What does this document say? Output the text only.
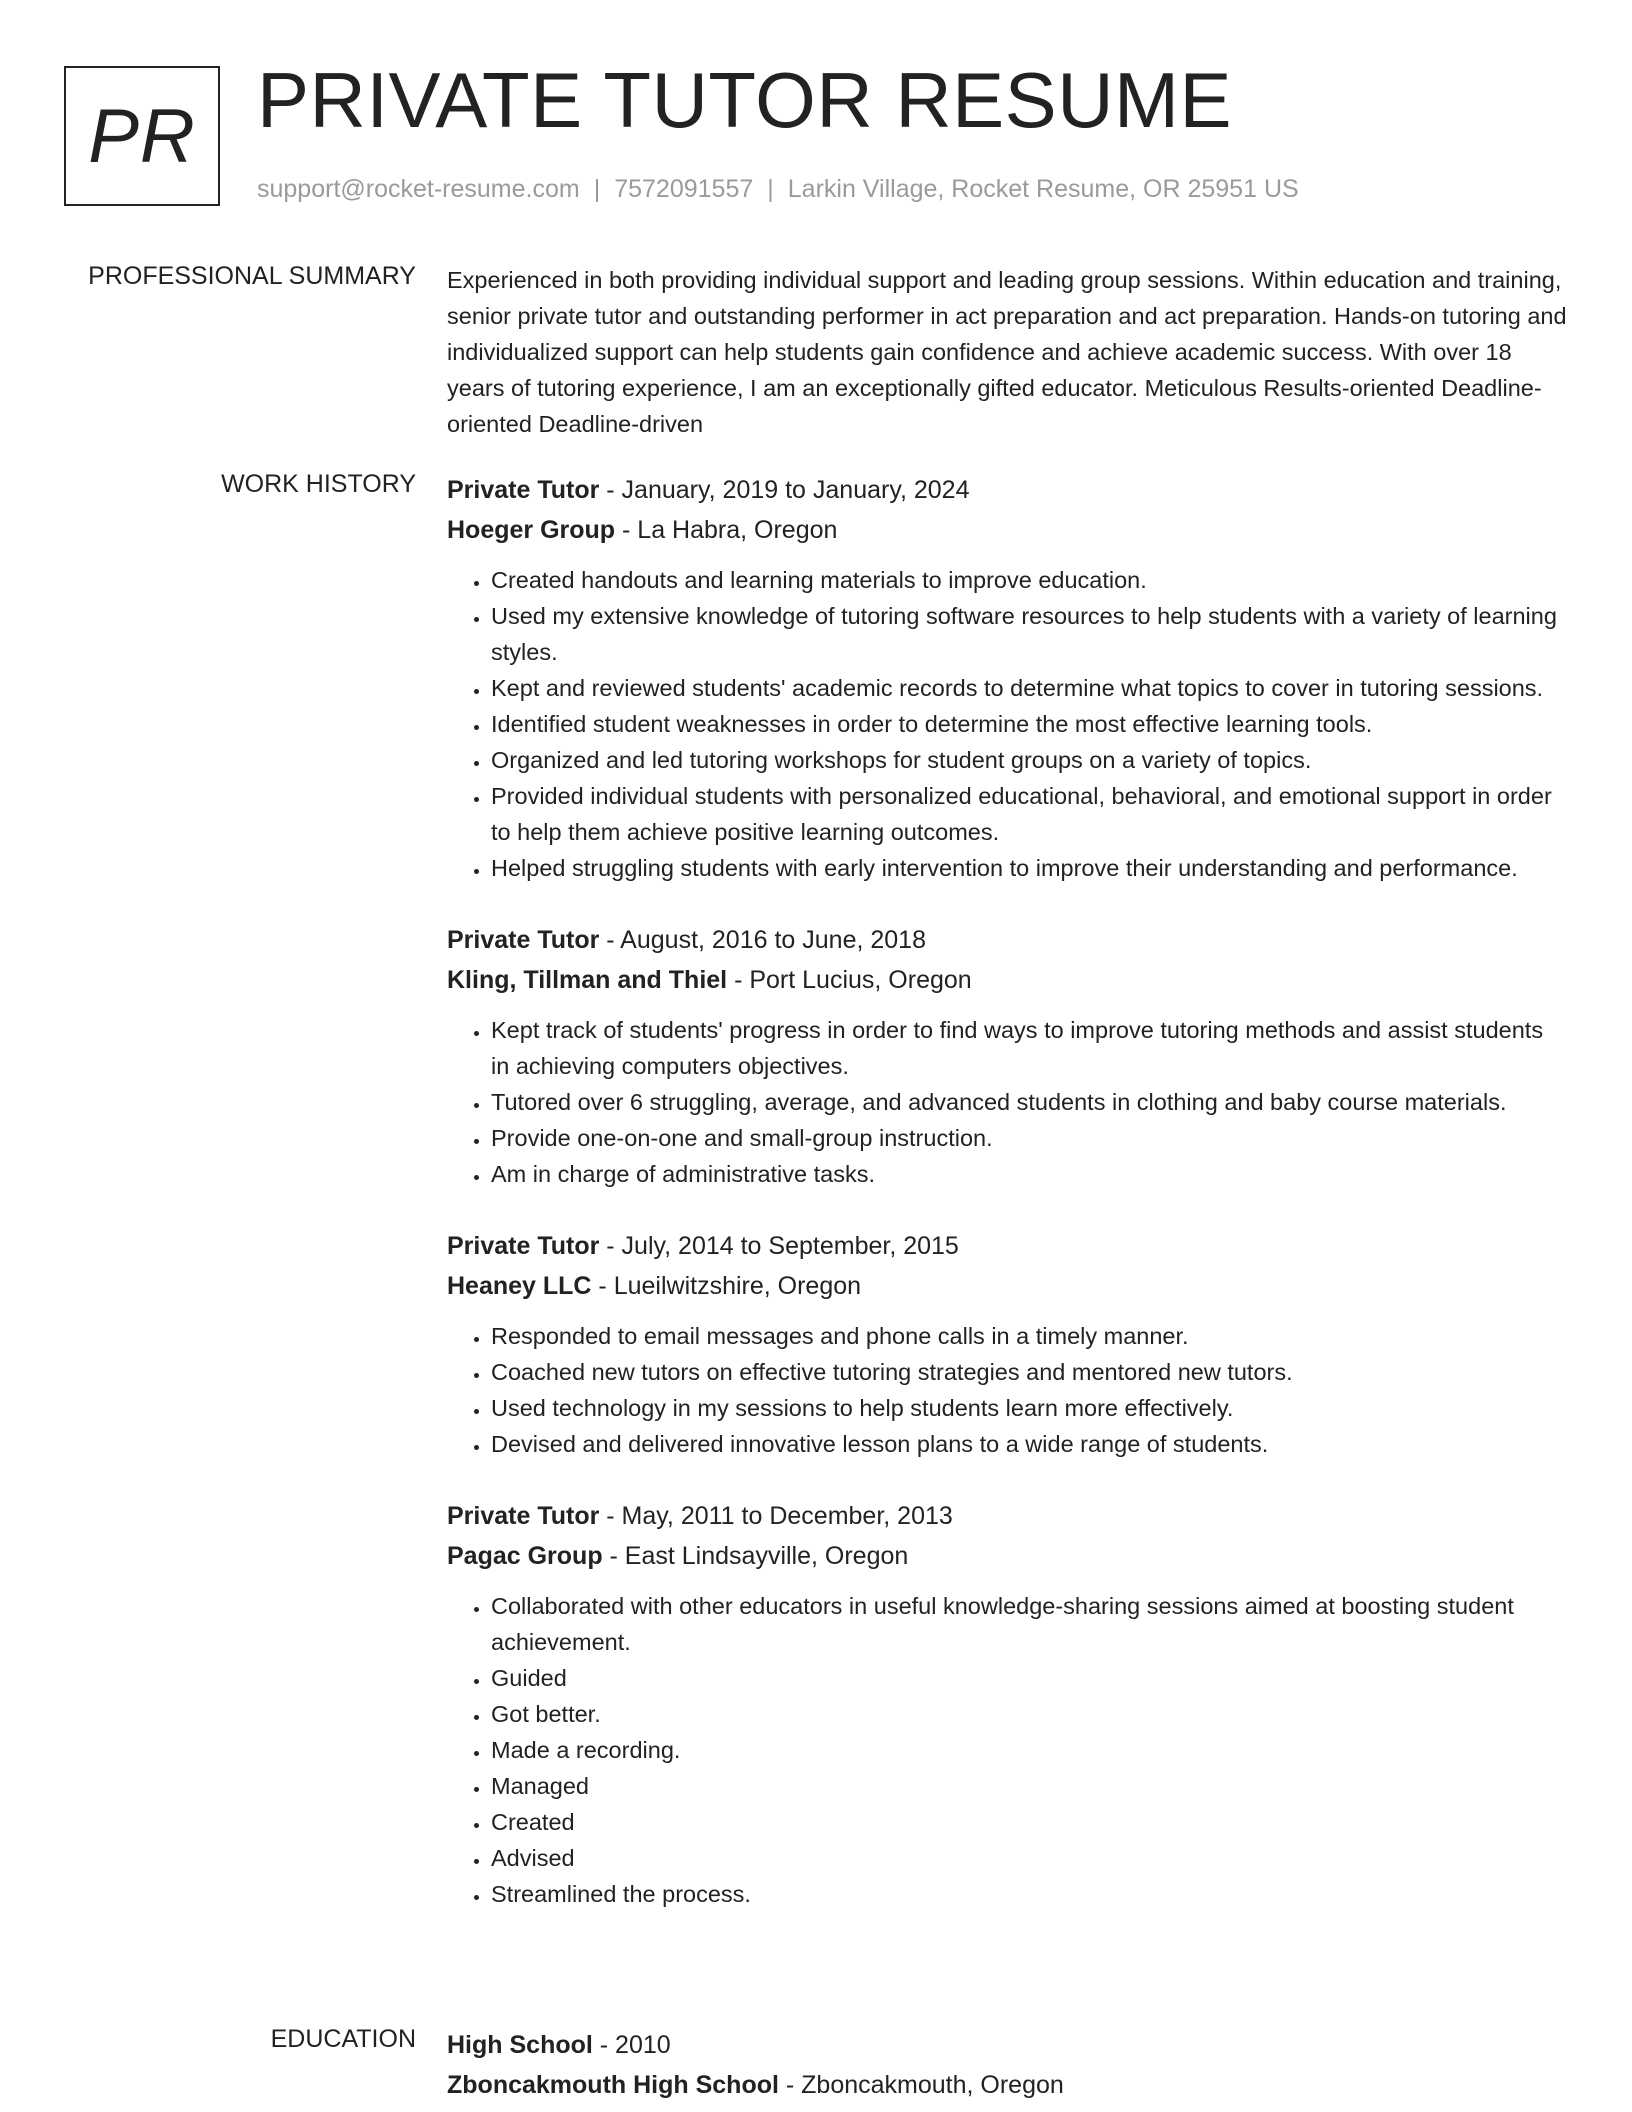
PR PRIVATE TUTOR RESUME
support@rocket-resume.com | 7572091557 | Larkin Village, Rocket Resume, OR 25951 US
PROFESSIONAL SUMMARY Experienced in both providing individual support and leading group sessions. Within education and training, senior private tutor and outstanding performer in act preparation and act preparation. Hands-on tutoring and individualized support can help students gain confidence and achieve academic success. With over 18 years of tutoring experience, I am an exceptionally gifted educator. Meticulous Results-oriented Deadline-oriented Deadline-driven

WORK HISTORY Private Tutor - January, 2019 to January, 2024
Hoeger Group - La Habra, Oregon
• Created handouts and learning materials to improve education.
• Used my extensive knowledge of tutoring software resources to help students with a variety of learning styles.
• Kept and reviewed students' academic records to determine what topics to cover in tutoring sessions.
• Identified student weaknesses in order to determine the most effective learning tools.
• Organized and led tutoring workshops for student groups on a variety of topics.
• Provided individual students with personalized educational, behavioral, and emotional support in order to help them achieve positive learning outcomes.
• Helped struggling students with early intervention to improve their understanding and performance.
Private Tutor - August, 2016 to June, 2018
Kling, Tillman and Thiel - Port Lucius, Oregon
• Kept track of students' progress in order to find ways to improve tutoring methods and assist students in achieving computers objectives.
• Tutored over 6 struggling, average, and advanced students in clothing and baby course materials.
• Provide one-on-one and small-group instruction.
• Am in charge of administrative tasks.
Private Tutor - July, 2014 to September, 2015
Heaney LLC - Lueilwitzshire, Oregon
• Responded to email messages and phone calls in a timely manner.
• Coached new tutors on effective tutoring strategies and mentored new tutors.
• Used technology in my sessions to help students learn more effectively.
• Devised and delivered innovative lesson plans to a wide range of students.
Private Tutor - May, 2011 to December, 2013
Pagac Group - East Lindsayville, Oregon
• Collaborated with other educators in useful knowledge-sharing sessions aimed at boosting student achievement.
• Guided
• Got better.
• Made a recording.
• Managed
• Created
• Advised
• Streamlined the process.
EDUCATION High School - 2010
Zboncakmouth High School - Zboncakmouth, Oregon
